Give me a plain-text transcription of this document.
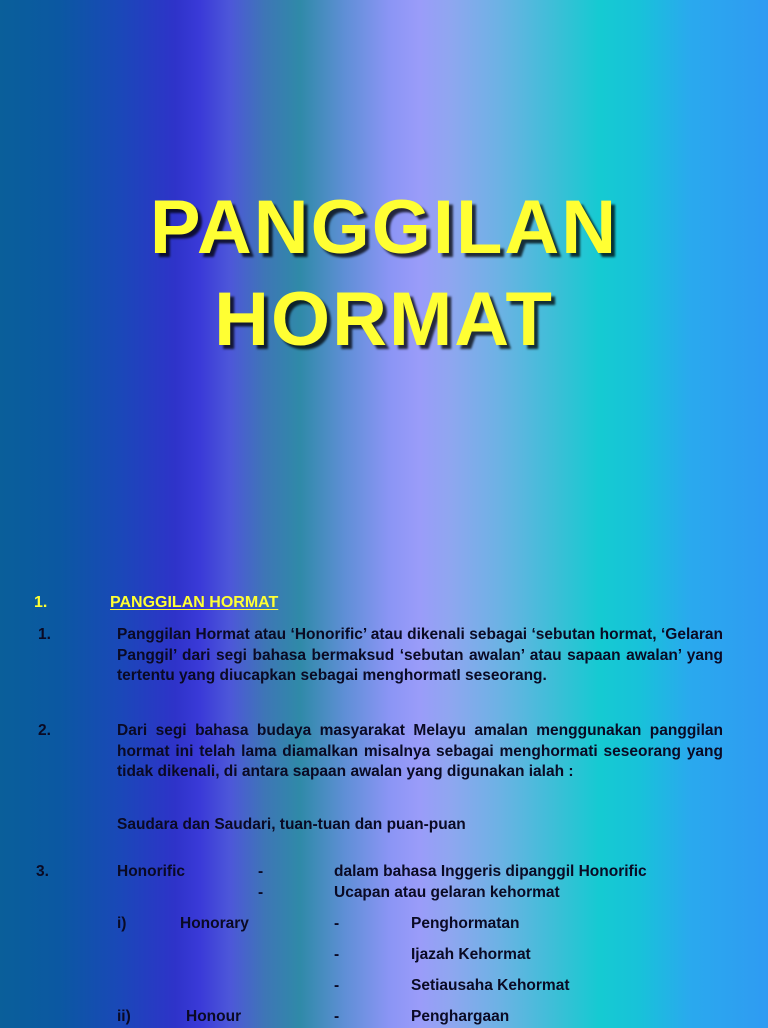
PANGGILAN
HORMAT
1.	PANGGILAN HORMAT
1.	Panggilan Hormat atau ‘Honorific’ atau dikenali sebagai ‘sebutan hormat, ‘Gelaran Panggil’ dari segi bahasa bermaksud ‘sebutan awalan’ atau sapaan awalan’ yang tertentu yang diucapkan sebagai menghormatI seseorang.
2.	Dari segi bahasa budaya masyarakat Melayu amalan menggunakan panggilan hormat ini telah lama diamalkan misalnya sebagai menghormati seseorang yang tidak dikenali, di antara sapaan awalan yang digunakan ialah :
Saudara dan Saudari, tuan-tuan dan puan-puan
3.	Honorific	-	dalam bahasa Inggeris dipanggil Honorific
-	Ucapan atau gelaran kehormat
i)	Honorary	-	Penghormatan
-	Ijazah Kehormat
-	Setiausaha Kehormat
ii)	Honour	-	Penghargaan
